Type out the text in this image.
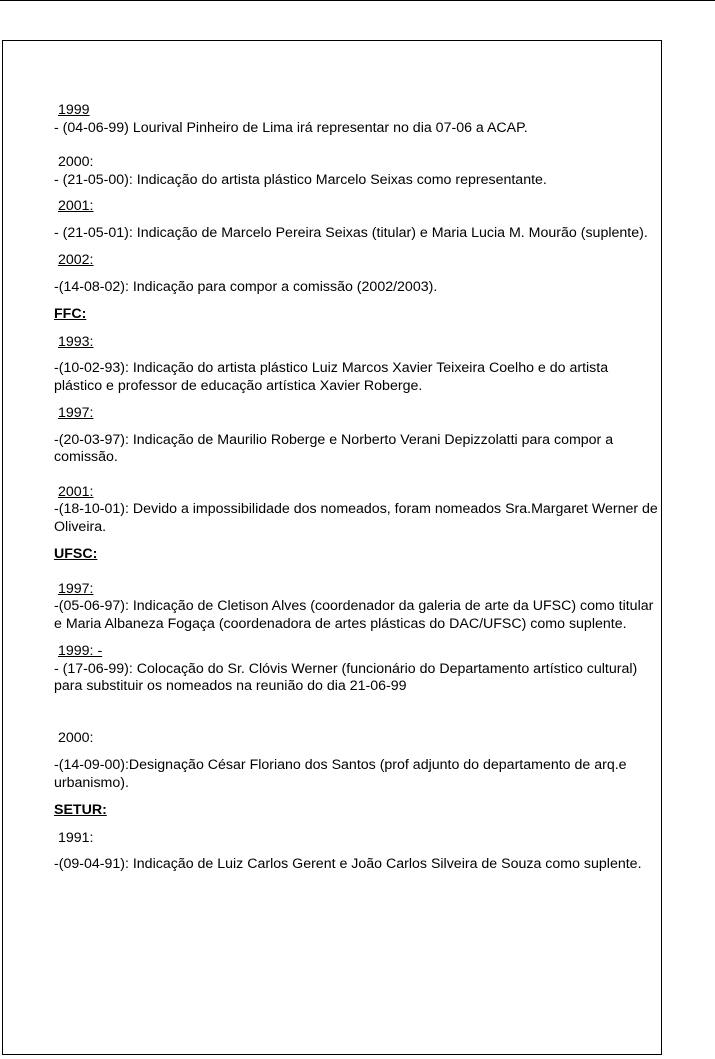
1999

- (04-06-99) Lourival Pinheiro de Lima irá representar no dia 07-06 a ACAP.

2000:

- (21-05-00): Indicação do artista plástico Marcelo Seixas como representante.

2001:

- (21-05-01): Indicação de Marcelo Pereira Seixas (titular) e Maria Lucia M. Mourão (suplente).

2002:

-(14-08-02): Indicação para compor a comissão (2002/2003).

FFC:

1993:

-(10-02-93): Indicação do artista plástico Luiz Marcos Xavier Teixeira Coelho e do artista plástico e professor de educação artística Xavier Roberge.

1997:

-(20-03-97): Indicação de Maurilio Roberge e Norberto Verani Depizzolatti para compor a comissão.

2001:

-(18-10-01): Devido a impossibilidade dos nomeados, foram nomeados Sra.Margaret Werner de Oliveira.

UFSC:

1997:

-(05-06-97): Indicação de Cletison Alves (coordenador da galeria de arte da UFSC) como titular e Maria Albaneza Fogaça (coordenadora de artes plásticas do DAC/UFSC) como suplente.

1999: -

- (17-06-99): Colocação do Sr. Clóvis Werner (funcionário do Departamento artístico cultural) para substituir os nomeados na reunião do dia 21-06-99

2000:

-(14-09-00):Designação César Floriano dos Santos (prof adjunto do departamento de arq.e urbanismo).

SETUR:

1991:

-(09-04-91): Indicação de Luiz Carlos Gerent e João Carlos Silveira de Souza como suplente.
